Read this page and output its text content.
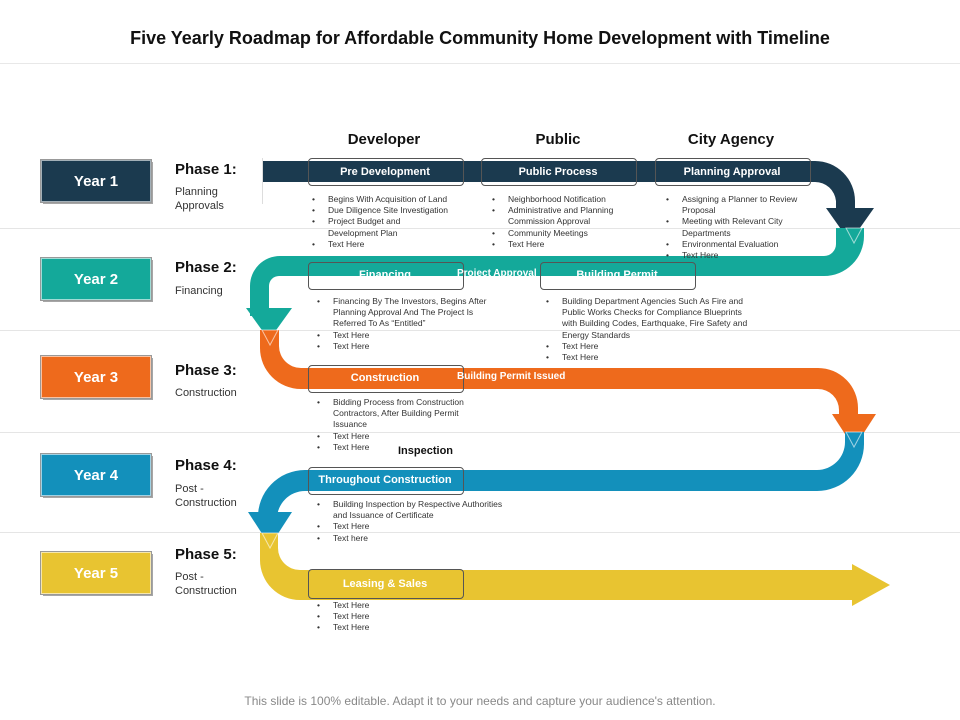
Five Yearly Roadmap for Affordable Community Home Development with Timeline
Developer	Public	City Agency
Year 1
Year 2
Year 3
Year 4
Year 5
Phase 1:
Planning Approvals
Phase 2:
Financing
Phase 3:
Construction
Phase 4:
Post - Construction
Phase 5:
Post - Construction
Pre Development	Public Process	Planning Approval
Financing	Project Approval	Building Permit
Construction	Building Permit Issued
Inspection
Throughout Construction
Leasing & Sales
• Begins With Acquisition of Land
• Due Diligence Site Investigation
• Project Budget and Development Plan
• Text Here
• Neighborhood Notification
• Administrative and Planning Commission Approval
• Community Meetings
• Text Here
• Assigning a Planner to Review Proposal
• Meeting with Relevant City Departments
• Environmental Evaluation
• Text Here
• Financing By The Investors, Begins After Planning Approval And The Project Is Referred To As “Entitled”
• Text Here
• Text Here
• Building Department Agencies Such As Fire and Public Works Checks for Compliance Blueprints with Building Codes, Earthquake, Fire Safety and Energy Standards
• Text Here
• Text Here
• Bidding Process from Construction Contractors, After Building Permit Issuance
• Text Here
• Text Here
• Building Inspection by Respective Authorities and Issuance of Certificate
• Text Here
• Text here
• Text Here
• Text Here
• Text Here
This slide is 100% editable. Adapt it to your needs and capture your audience's attention.
